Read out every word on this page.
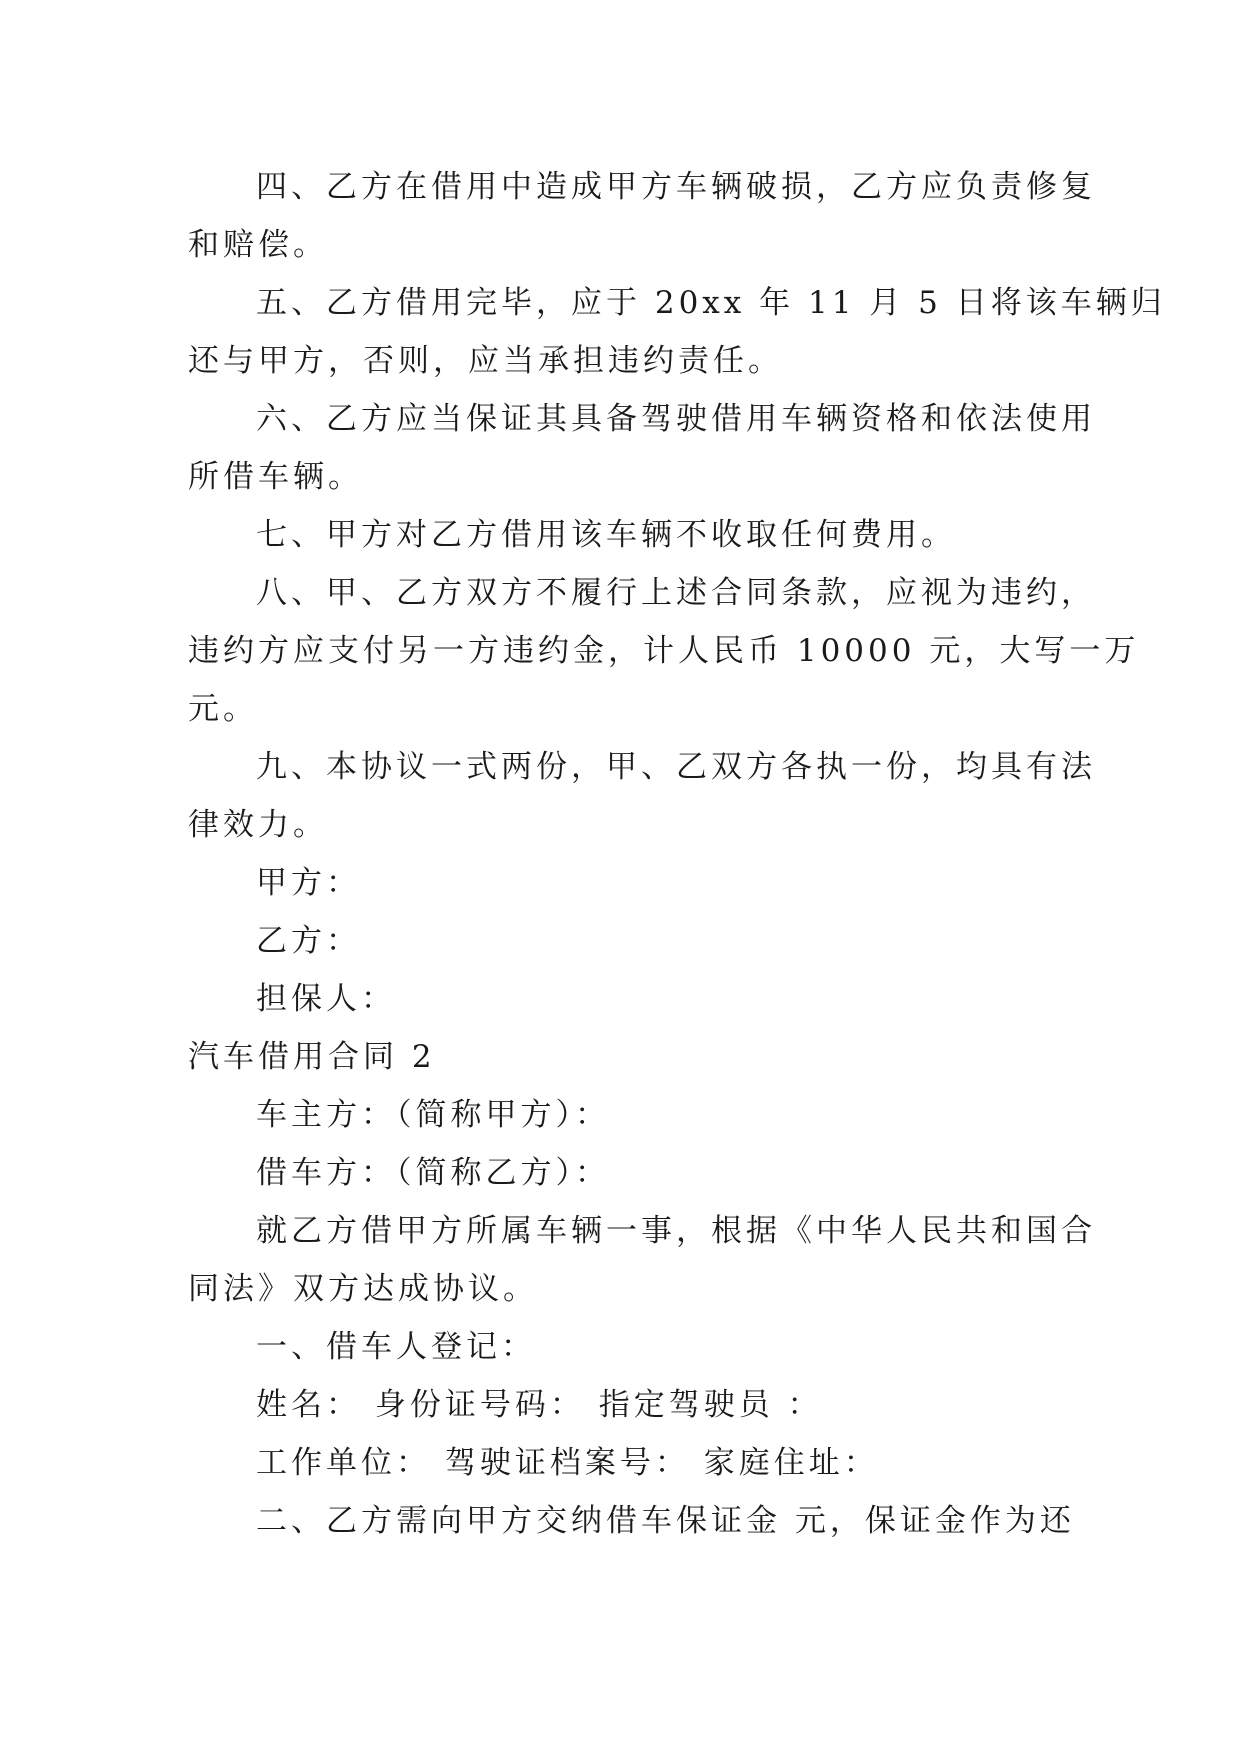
四、乙方在借用中造成甲方车辆破损，乙方应负责修复
和赔偿。
五、乙方借用完毕，应于 20xx 年 11 月 5 日将该车辆归
还与甲方，否则，应当承担违约责任。
六、乙方应当保证其具备驾驶借用车辆资格和依法使用
所借车辆。
七、甲方对乙方借用该车辆不收取任何费用。
八、甲、乙方双方不履行上述合同条款，应视为违约，
违约方应支付另一方违约金，计人民币 10000 元，大写一万
元。
九、本协议一式两份，甲、乙双方各执一份，均具有法
律效力。
甲方：
乙方：
担保人：
汽车借用合同 2
车主方：（简称甲方）：
借车方：（简称乙方）：
就乙方借甲方所属车辆一事，根据《中华人民共和国合
同法》双方达成协议。
一、借车人登记：
姓名： 身份证号码： 指定驾驶员 ：
工作单位： 驾驶证档案号： 家庭住址：
二、乙方需向甲方交纳借车保证金 元，保证金作为还
